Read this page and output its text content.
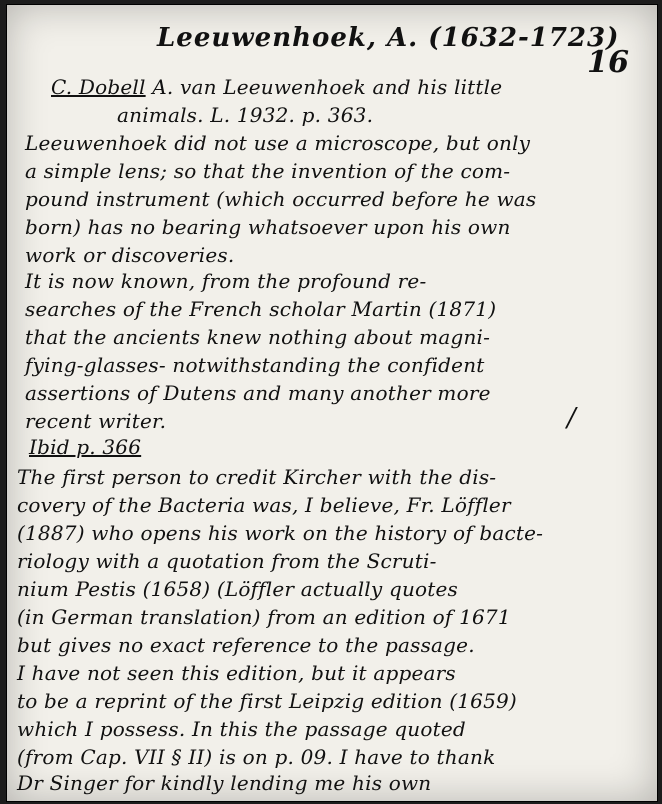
Leeuwenhoek, A. (1632-1723)
16
C. Dobell A. van Leeuwenhoek and his little
animals. L. 1932. p. 363.
Leeuwenhoek did not use a microscope, but only
a simple lens; so that the invention of the com-
pound instrument (which occurred before he was
born) has no bearing whatsoever upon his own
work or discoveries.
It is now known, from the profound re-
searches of the French scholar Martin (1871)
that the ancients knew nothing about magni-
fying-glasses- notwithstanding the confident
assertions of Dutens and many another more
recent writer.	/
Ibid p. 366
The first person to credit Kircher with the dis-
covery of the Bacteria was, I believe, Fr. Löffler
(1887) who opens his work on the history of bacte-
riology with a quotation from the Scruti-
nium Pestis (1658) (Löffler actually quotes
(in German translation) from an edition of 1671
but gives no exact reference to the passage.
I have not seen this edition, but it appears
to be a reprint of the first Leipzig edition (1659)
which I possess. In this the passage quoted
(from Cap. VII § II) is on p. 09. I have to thank
Dr Singer for kindly lending me his own
